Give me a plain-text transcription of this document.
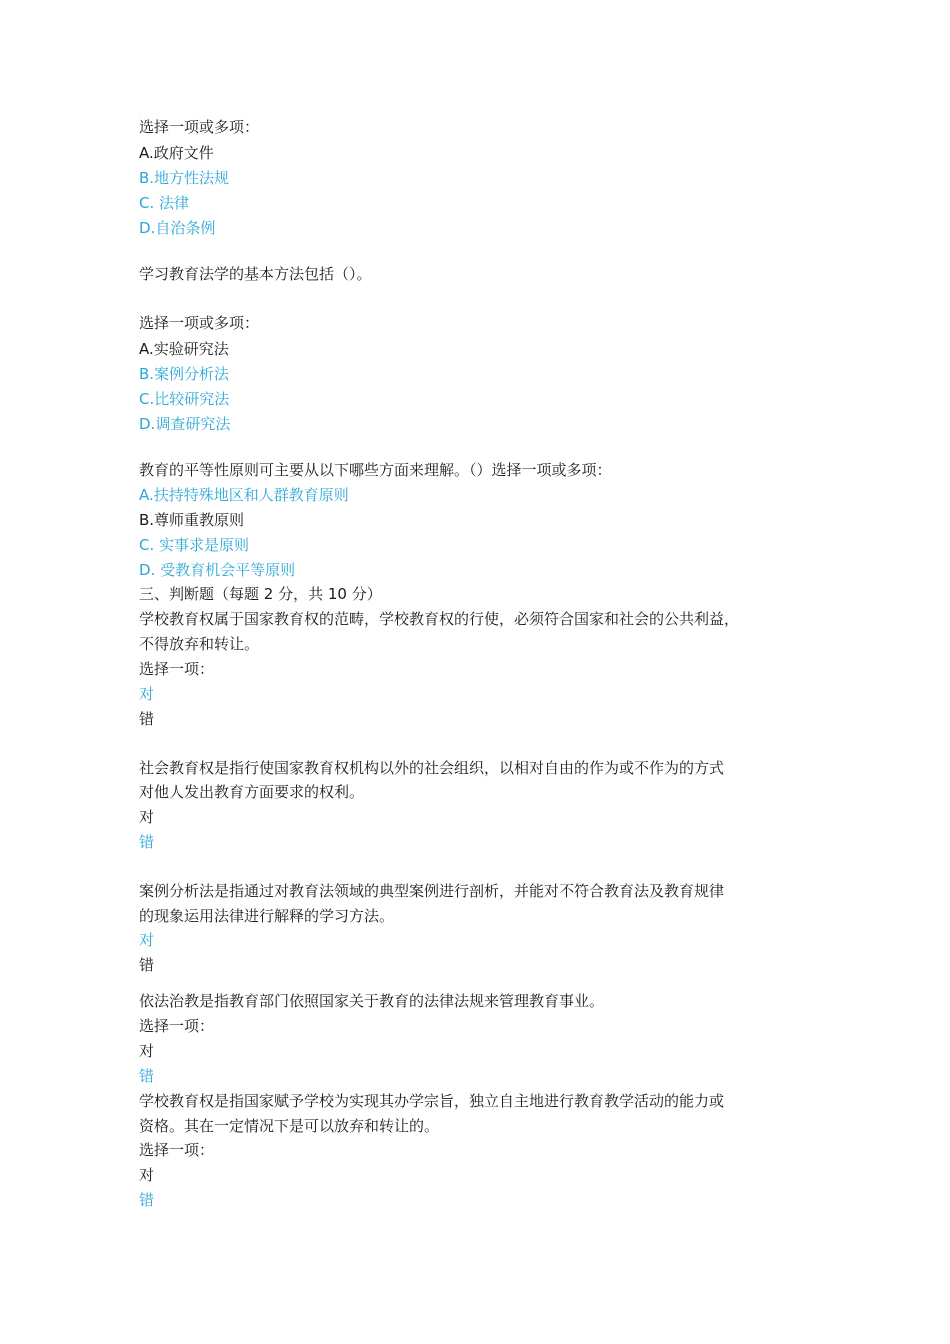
选择一项或多项：

A.政府文件

B.地方性法规

C. 法律

D.自治条例

学习教育法学的基本方法包括（）。

选择一项或多项：

A.实验研究法

B.案例分析法

C.比较研究法

D.调查研究法

教育的平等性原则可主要从以下哪些方面来理解。（）选择一项或多项：

A.扶持特殊地区和人群教育原则

B.尊师重教原则

C. 实事求是原则

D. 受教育机会平等原则

三、判断题（每题 2 分，共 10 分）

学校教育权属于国家教育权的范畴，学校教育权的行使，必须符合国家和社会的公共利益，

不得放弃和转让。

选择一项：

对

错

社会教育权是指行使国家教育权机构以外的社会组织，以相对自由的作为或不作为的方式

对他人发出教育方面要求的权利。

对

错

案例分析法是指通过对教育法领域的典型案例进行剖析，并能对不符合教育法及教育规律

的现象运用法律进行解释的学习方法。

对

错

依法治教是指教育部门依照国家关于教育的法律法规来管理教育事业。

选择一项：

对

错

学校教育权是指国家赋予学校为实现其办学宗旨，独立自主地进行教育教学活动的能力或

资格。其在一定情况下是可以放弃和转让的。

选择一项：

对

错
